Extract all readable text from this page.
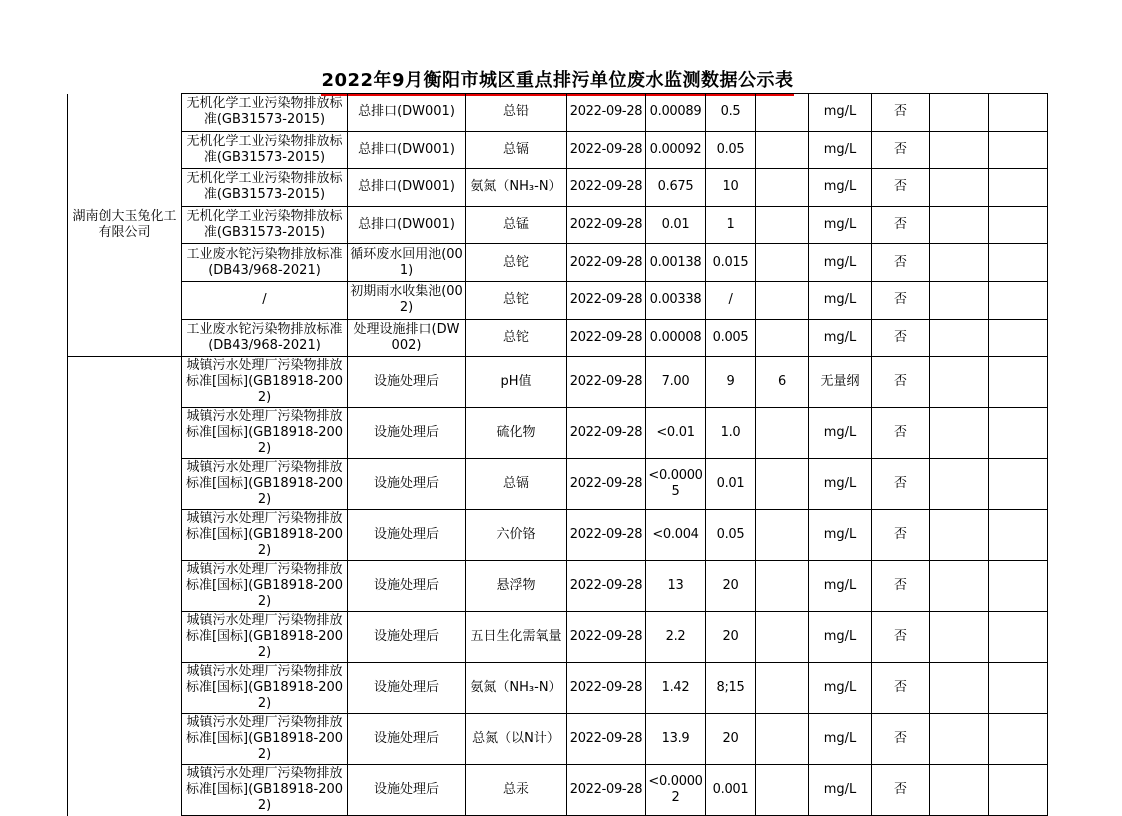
2022年9月衡阳市城区重点排污单位废水监测数据公示表
湖南创大玉兔化工有限公司	无机化学工业污染物排放标准(GB31573-2015)	总排口(DW001)	总铅	2022-09-28	0.00089	0.5		mg/L	否		
	无机化学工业污染物排放标准(GB31573-2015)	总排口(DW001)	总镉	2022-09-28	0.00092	0.05		mg/L	否		
	无机化学工业污染物排放标准(GB31573-2015)	总排口(DW001)	氨氮（NH₃-N）	2022-09-28	0.675	10		mg/L	否		
	无机化学工业污染物排放标准(GB31573-2015)	总排口(DW001)	总锰	2022-09-28	0.01	1		mg/L	否		
	工业废水铊污染物排放标准(DB43/968-2021)	循环废水回用池(001)	总铊	2022-09-28	0.00138	0.015		mg/L	否		
	/	初期雨水收集池(002)	总铊	2022-09-28	0.00338	/		mg/L	否		
	工业废水铊污染物排放标准(DB43/968-2021)	处理设施排口(DW002)	总铊	2022-09-28	0.00008	0.005		mg/L	否		
	城镇污水处理厂污染物排放标准[国标](GB18918-2002)	设施处理后	pH值	2022-09-28	7.00	9	6	无量纲	否		
	城镇污水处理厂污染物排放标准[国标](GB18918-2002)	设施处理后	硫化物	2022-09-28	<0.01	1.0		mg/L	否		
	城镇污水处理厂污染物排放标准[国标](GB18918-2002)	设施处理后	总镉	2022-09-28	<0.00005	0.01		mg/L	否		
	城镇污水处理厂污染物排放标准[国标](GB18918-2002)	设施处理后	六价铬	2022-09-28	<0.004	0.05		mg/L	否		
	城镇污水处理厂污染物排放标准[国标](GB18918-2002)	设施处理后	悬浮物	2022-09-28	13	20		mg/L	否		
	城镇污水处理厂污染物排放标准[国标](GB18918-2002)	设施处理后	五日生化需氧量	2022-09-28	2.2	20		mg/L	否		
	城镇污水处理厂污染物排放标准[国标](GB18918-2002)	设施处理后	氨氮（NH₃-N）	2022-09-28	1.42	8;15		mg/L	否		
	城镇污水处理厂污染物排放标准[国标](GB18918-2002)	设施处理后	总氮（以N计）	2022-09-28	13.9	20		mg/L	否		
	城镇污水处理厂污染物排放标准[国标](GB18918-2002)	设施处理后	总汞	2022-09-28	<0.00002	0.001		mg/L	否		
